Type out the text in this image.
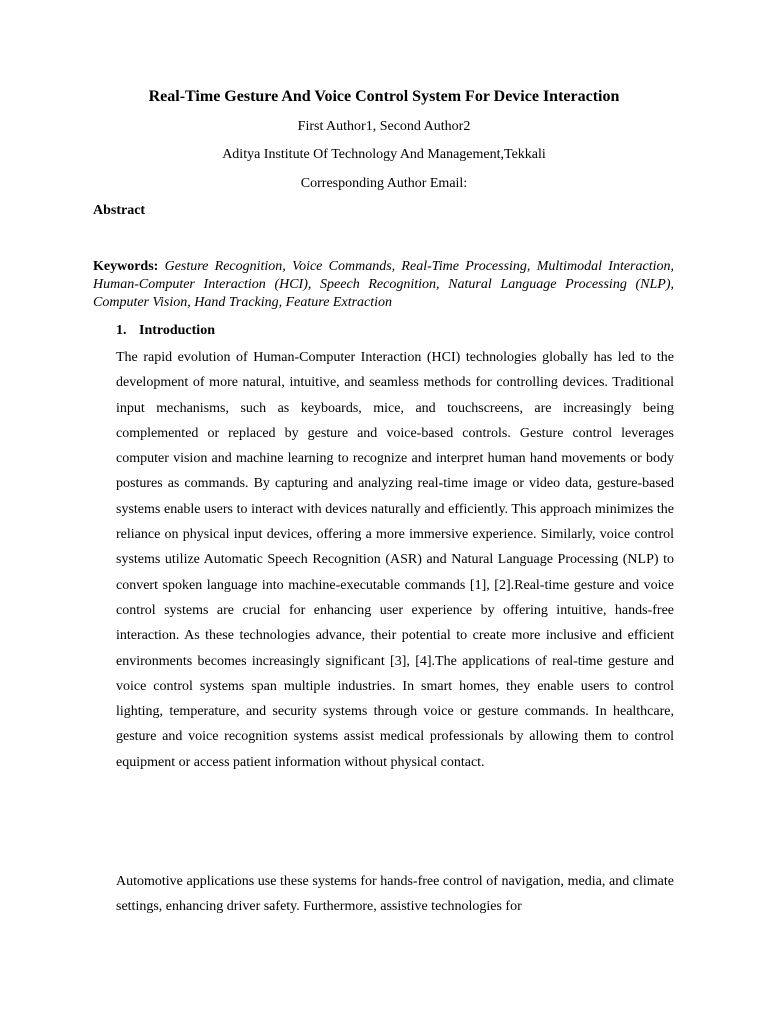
Real-Time Gesture And Voice Control System For Device Interaction

First Author1, Second Author2

Aditya Institute Of Technology And Management,Tekkali

Corresponding Author Email:

Abstract

Keywords: Gesture Recognition, Voice Commands, Real-Time Processing, Multimodal Interaction, Human-Computer Interaction (HCI), Speech Recognition, Natural Language Processing (NLP), Computer Vision, Hand Tracking, Feature Extraction

1. Introduction

The rapid evolution of Human-Computer Interaction (HCI) technologies globally has led to the development of more natural, intuitive, and seamless methods for controlling devices. Traditional input mechanisms, such as keyboards, mice, and touchscreens, are increasingly being complemented or replaced by gesture and voice-based controls. Gesture control leverages computer vision and machine learning to recognize and interpret human hand movements or body postures as commands. By capturing and analyzing real-time image or video data, gesture-based systems enable users to interact with devices naturally and efficiently. This approach minimizes the reliance on physical input devices, offering a more immersive experience. Similarly, voice control systems utilize Automatic Speech Recognition (ASR) and Natural Language Processing (NLP) to convert spoken language into machine-executable commands [1], [2].Real-time gesture and voice control systems are crucial for enhancing user experience by offering intuitive, hands-free interaction. As these technologies advance, their potential to create more inclusive and efficient environments becomes increasingly significant [3], [4].The applications of real-time gesture and voice control systems span multiple industries. In smart homes, they enable users to control lighting, temperature, and security systems through voice or gesture commands. In healthcare, gesture and voice recognition systems assist medical professionals by allowing them to control equipment or access patient information without physical contact.

Automotive applications use these systems for hands-free control of navigation, media, and climate settings, enhancing driver safety. Furthermore, assistive technologies for
